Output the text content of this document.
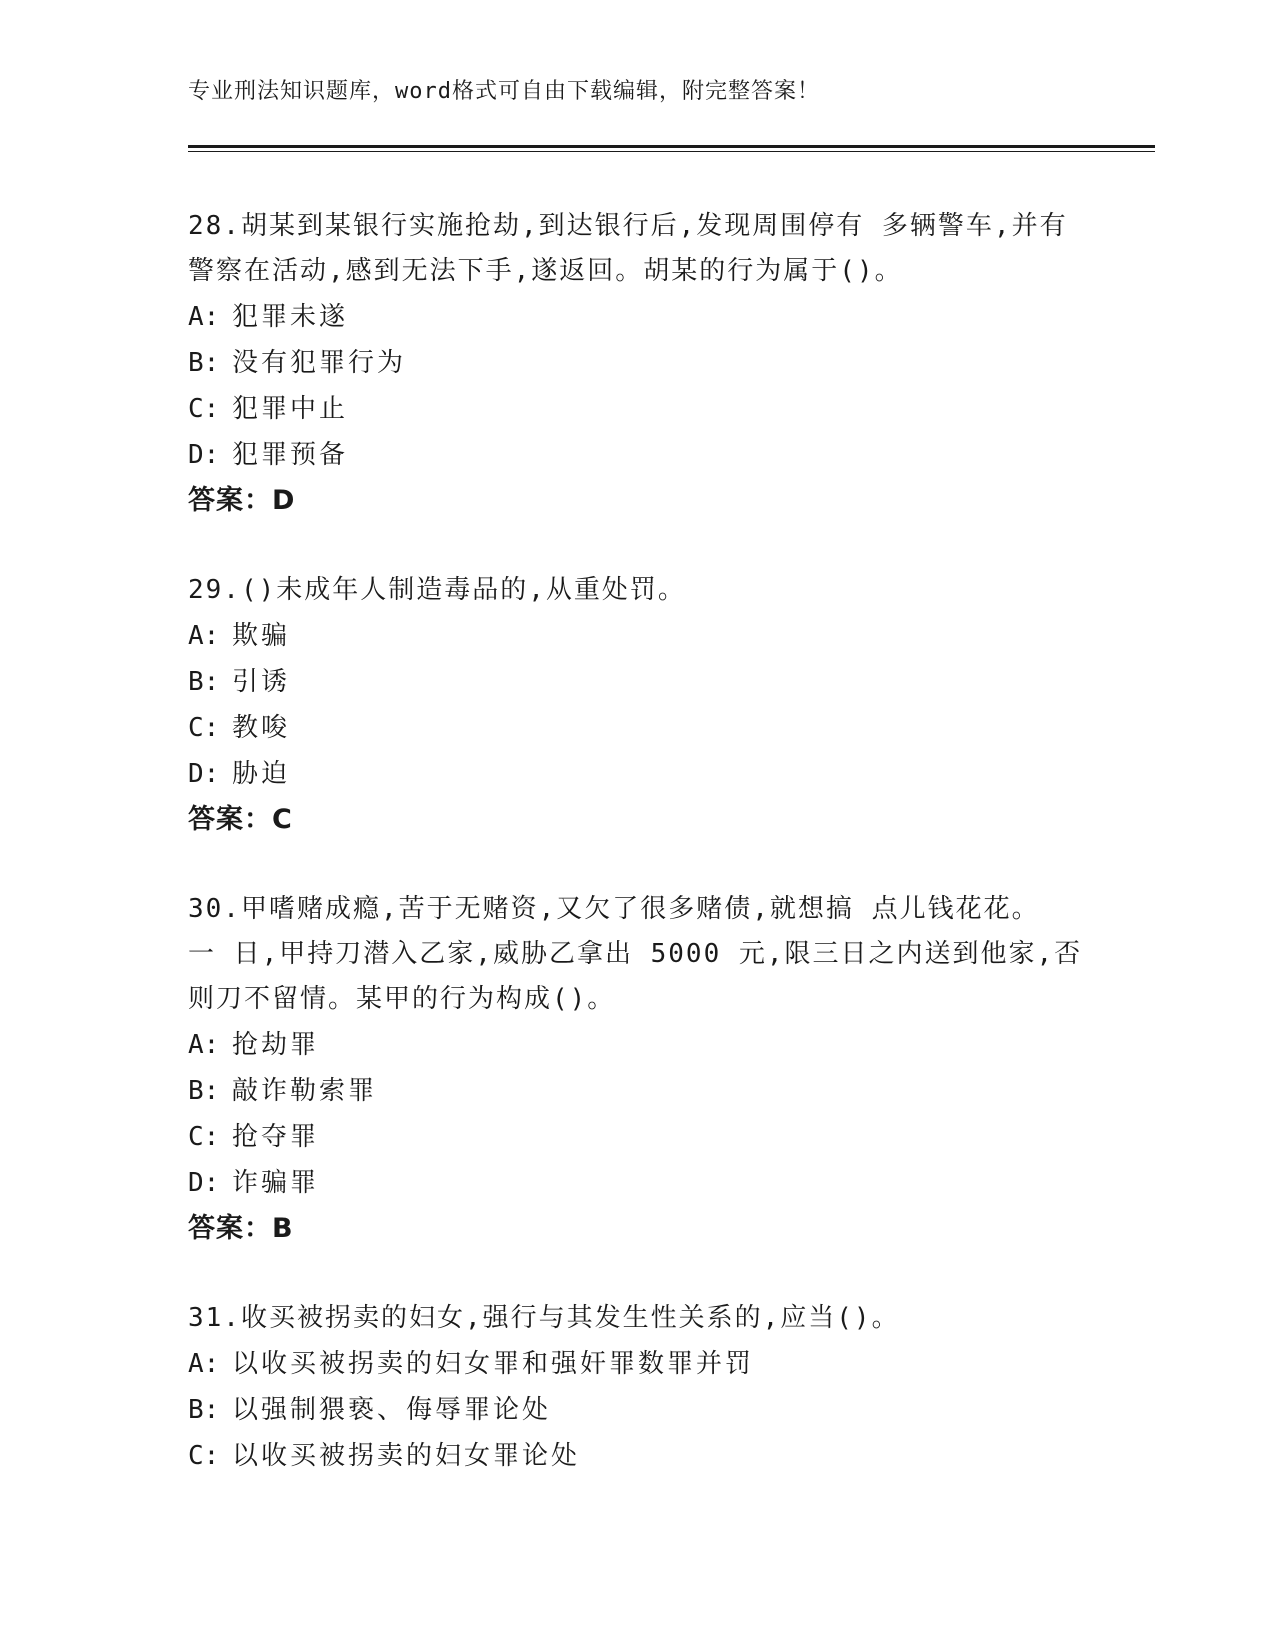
专业刑法知识题库，word格式可自由下载编辑，附完整答案！
28.胡某到某银行实施抢劫,到达银行后,发现周围停有 多辆警车,并有
警察在活动,感到无法下手,遂返回。胡某的行为属于()。
A: 犯罪未遂
B: 没有犯罪行为
C: 犯罪中止
D: 犯罪预备
答案：D
29.()未成年人制造毒品的,从重处罚。
A: 欺骗
B: 引诱
C: 教唆
D: 胁迫
答案：C
30.甲嗜赌成瘾,苦于无赌资,又欠了很多赌债,就想搞 点儿钱花花。
一 日,甲持刀潜入乙家,威胁乙拿出 5000 元,限三日之内送到他家,否
则刀不留情。某甲的行为构成()。
A: 抢劫罪
B: 敲诈勒索罪
C: 抢夺罪
D: 诈骗罪
答案：B
31.收买被拐卖的妇女,强行与其发生性关系的,应当()。
A: 以收买被拐卖的妇女罪和强奸罪数罪并罚
B: 以强制猥亵、侮辱罪论处
C: 以收买被拐卖的妇女罪论处
